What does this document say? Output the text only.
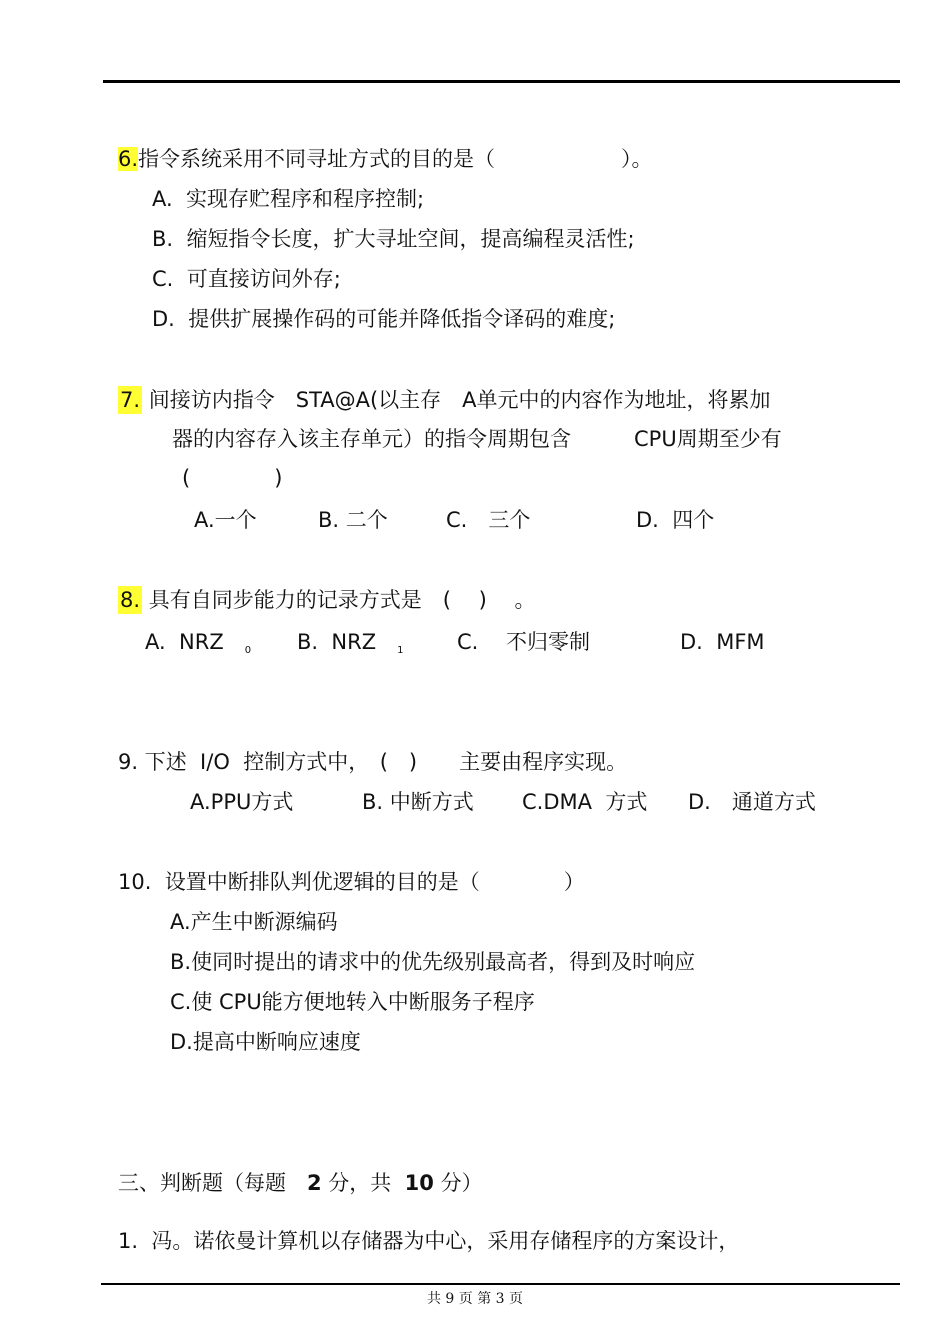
6.指令系统采用不同寻址方式的目的是（　　　　　　）。
A. 实现存贮程序和程序控制;
B. 缩短指令长度，扩大寻址空间，提高编程灵活性;
C. 可直接访问外存;
D. 提供扩展操作码的可能并降低指令译码的难度;
7. 间接访内指令　STA@A(以主存　A单元中的内容作为地址，将累加
器的内容存入该主存单元）的指令周期包含　　　CPU周期至少有
(　　　　)
A.一个	B. 二个	C.　三个	D.  四个
8. 具有自同步能力的记录方式是　(　 )　 。
A.  NRZ　 0 B.  NRZ　 1	C.　 不归零制	D.  MFM
9. 下述  I/O  控制方式中，　(　)　　主要由程序实现。
A.PPU方式	B. 中断方式 C.DMA  方式 D.　通道方式
10.  设置中断排队判优逻辑的目的是（　　　　）
A.产生中断源编码
B.使同时提出的请求中的优先级别最高者，得到及时响应
C.使 CPU能方便地转入中断服务子程序
D.提高中断响应速度
三、判断题（每题　2 分，共  10 分）
1.  冯。诺依曼计算机以存储器为中心，采用存储程序的方案设计，
共 9 页 第 3 页
